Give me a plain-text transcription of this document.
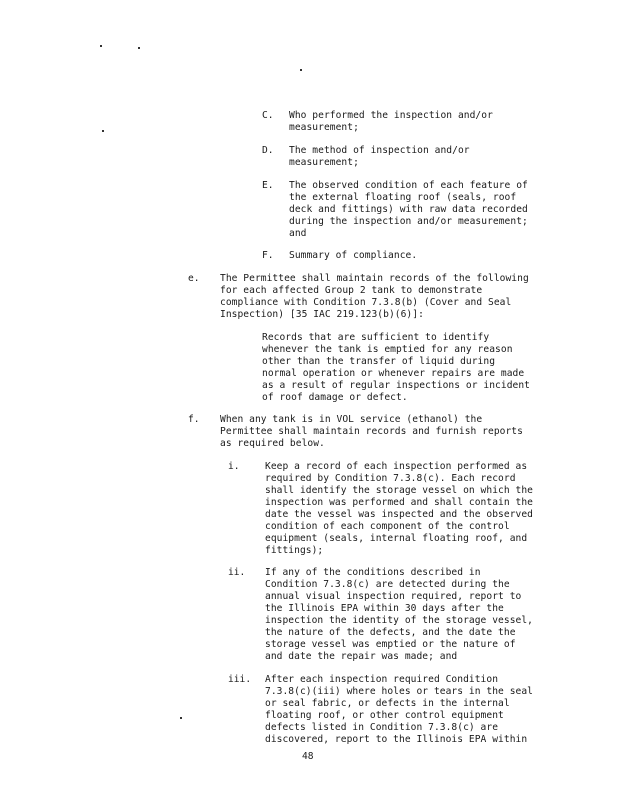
C. Who performed the inspection and/or
measurement;
D. The method of inspection and/or
measurement;
E. The observed condition of each feature of
the external floating roof (seals, roof
deck and fittings) with raw data recorded
during the inspection and/or measurement;
and
F. Summary of compliance.
e. The Permittee shall maintain records of the following
for each affected Group 2 tank to demonstrate
compliance with Condition 7.3.8(b) (Cover and Seal
Inspection) [35 IAC 219.123(b)(6)]:
Records that are sufficient to identify
whenever the tank is emptied for any reason
other than the transfer of liquid during
normal operation or whenever repairs are made
as a result of regular inspections or incident
of roof damage or defect.
f. When any tank is in VOL service (ethanol) the
Permittee shall maintain records and furnish reports
as required below.
i.	Keep a record of each inspection performed as
required by Condition 7.3.8(c). Each record
shall identify the storage vessel on which the
inspection was performed and shall contain the
date the vessel was inspected and the observed
condition of each component of the control
equipment (seals, internal floating roof, and
fittings);
ii. If any of the conditions described in
Condition 7.3.8(c) are detected during the
annual visual inspection required, report to
the Illinois EPA within 30 days after the
inspection the identity of the storage vessel,
the nature of the defects, and the date the
storage vessel was emptied or the nature of
and date the repair was made; and
iii. After each inspection required Condition
7.3.8(c)(iii) where holes or tears in the seal
or seal fabric, or defects in the internal
floating roof, or other control equipment
defects listed in Condition 7.3.8(c) are
discovered, report to the Illinois EPA within
48
